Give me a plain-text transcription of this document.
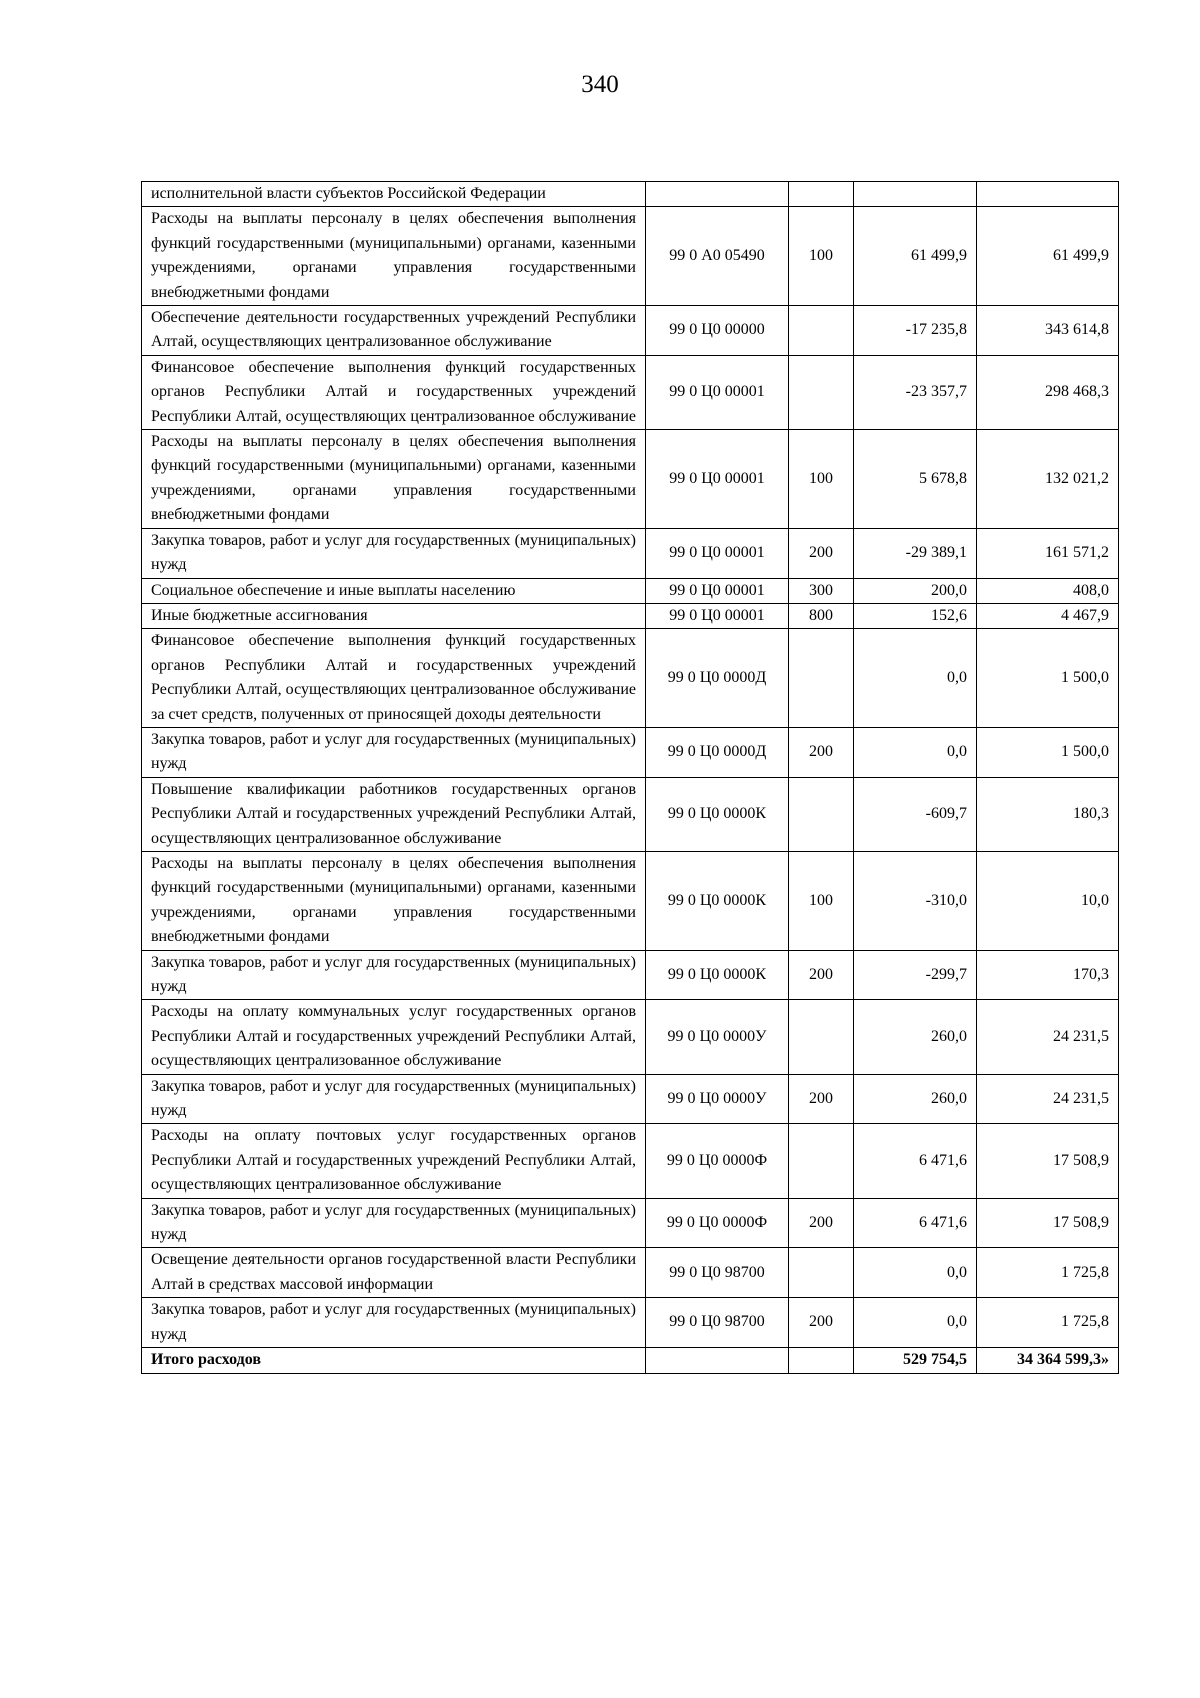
340
исполнительной власти субъектов Российской Федерации				
Расходы на выплаты персоналу в целях обеспечения выполнения функций государственными (муниципальными) органами, казенными учреждениями, органами управления государственными внебюджетными фондами	99 0 А0 05490	100	61 499,9	61 499,9
Обеспечение деятельности государственных учреждений Республики Алтай, осуществляющих централизованное обслуживание	99 0 Ц0 00000		-17 235,8	343 614,8
Финансовое обеспечение выполнения функций государственных органов Республики Алтай и государственных учреждений Республики Алтай, осуществляющих централизованное обслуживание	99 0 Ц0 00001		-23 357,7	298 468,3
Расходы на выплаты персоналу в целях обеспечения выполнения функций государственными (муниципальными) органами, казенными учреждениями, органами управления государственными внебюджетными фондами	99 0 Ц0 00001	100	5 678,8	132 021,2
Закупка товаров, работ и услуг для государственных (муниципальных) нужд	99 0 Ц0 00001	200	-29 389,1	161 571,2
Социальное обеспечение и иные выплаты населению	99 0 Ц0 00001	300	200,0	408,0
Иные бюджетные ассигнования	99 0 Ц0 00001	800	152,6	4 467,9
Финансовое обеспечение выполнения функций государственных органов Республики Алтай и государственных учреждений Республики Алтай, осуществляющих централизованное обслуживание за счет средств, полученных от приносящей доходы деятельности	99 0 Ц0 0000Д		0,0	1 500,0
Закупка товаров, работ и услуг для государственных (муниципальных) нужд	99 0 Ц0 0000Д	200	0,0	1 500,0
Повышение квалификации работников государственных органов Республики Алтай и государственных учреждений Республики Алтай, осуществляющих централизованное обслуживание	99 0 Ц0 0000К		-609,7	180,3
Расходы на выплаты персоналу в целях обеспечения выполнения функций государственными (муниципальными) органами, казенными учреждениями, органами управления государственными внебюджетными фондами	99 0 Ц0 0000К	100	-310,0	10,0
Закупка товаров, работ и услуг для государственных (муниципальных) нужд	99 0 Ц0 0000К	200	-299,7	170,3
Расходы на оплату коммунальных услуг государственных органов Республики Алтай и государственных учреждений Республики Алтай, осуществляющих централизованное обслуживание	99 0 Ц0 0000У		260,0	24 231,5
Закупка товаров, работ и услуг для государственных (муниципальных) нужд	99 0 Ц0 0000У	200	260,0	24 231,5
Расходы на оплату почтовых услуг государственных органов Республики Алтай и государственных учреждений Республики Алтай, осуществляющих централизованное обслуживание	99 0 Ц0 0000Ф		6 471,6	17 508,9
Закупка товаров, работ и услуг для государственных (муниципальных) нужд	99 0 Ц0 0000Ф	200	6 471,6	17 508,9
Освещение деятельности органов государственной власти Республики Алтай в средствах массовой информации	99 0 Ц0 98700		0,0	1 725,8
Закупка товаров, работ и услуг для государственных (муниципальных) нужд	99 0 Ц0 98700	200	0,0	1 725,8
Итого расходов			529 754,5	34 364 599,3»
